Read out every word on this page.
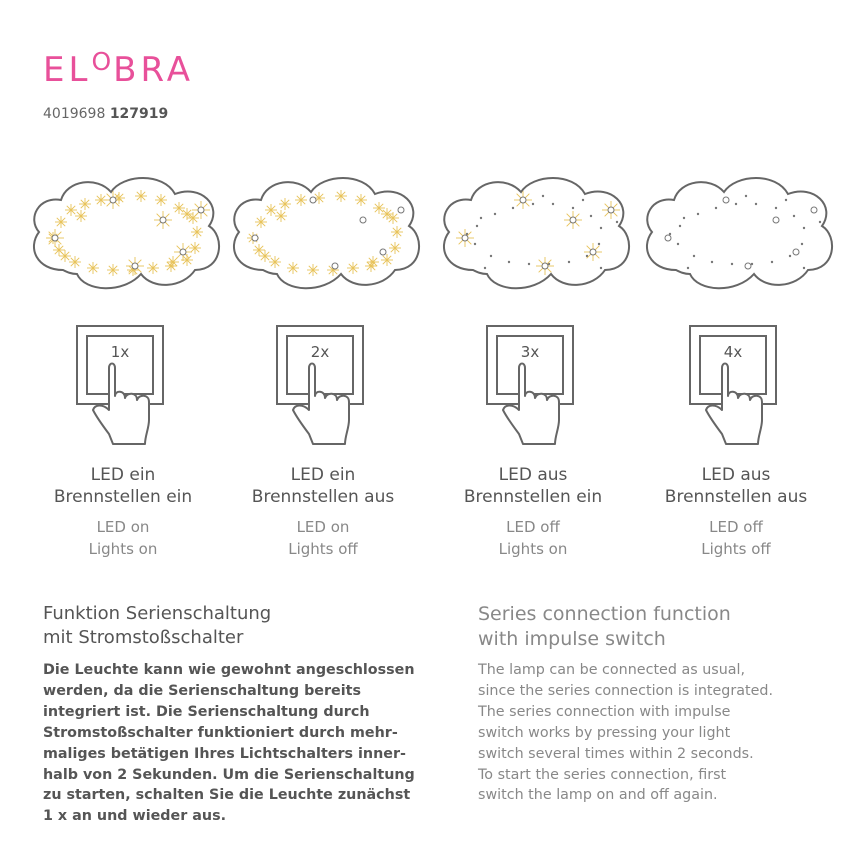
$EL^OBRA$
4019698 127919
1x
LED ein
Brennstellen ein
LED on
Lights on
2x
LED ein
Brennstellen aus
LED on
Lights off
3x
LED aus
Brennstellen ein
LED off
Lights on
4x
LED aus
Brennstellen aus
LED off
Lights off
Funktion Serienschaltung
mit Stromstoßschalter
Die Leuchte kann wie gewohnt angeschlossen
werden, da die Serienschaltung bereits
integriert ist. Die Serienschaltung durch
Stromstoßschalter funktioniert durch mehr-
maliges betätigen Ihres Lichtschalters inner-
halb von 2 Sekunden. Um die Serienschaltung
zu starten, schalten Sie die Leuchte zunächst
1 x an und wieder aus.
Series connection function
with impulse switch
The lamp can be connected as usual,
since the series connection is integrated.
The series connection with impulse
switch works by pressing your light
switch several times within 2 seconds.
To start the series connection, first
switch the lamp on and off again.
